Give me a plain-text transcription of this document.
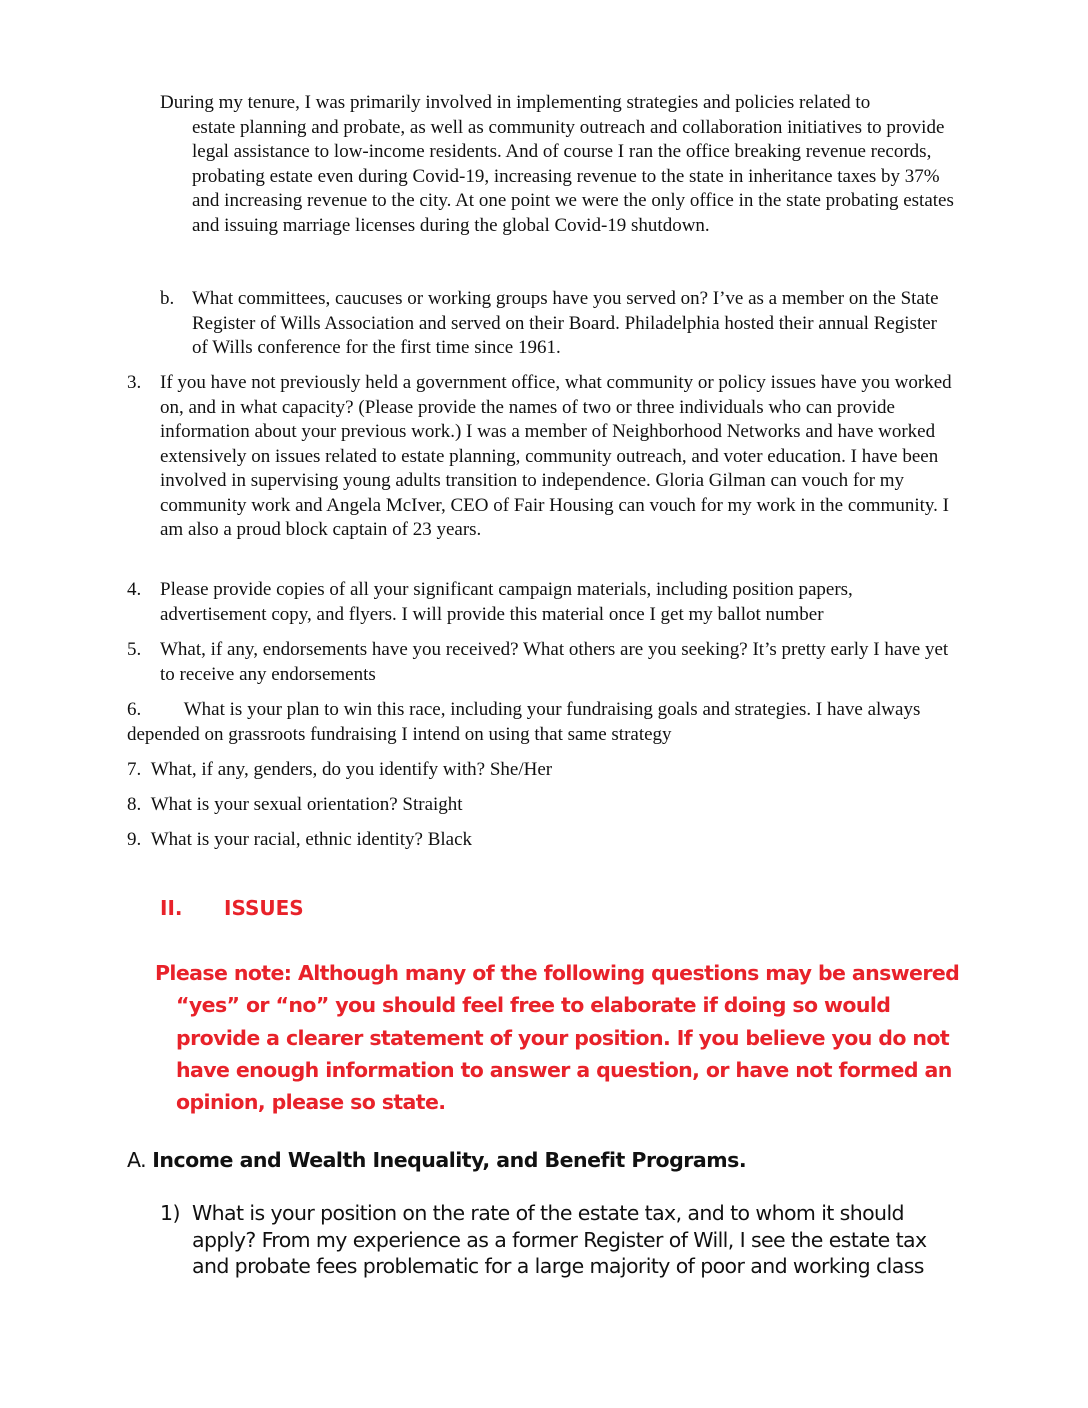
During my tenure, I was primarily involved in implementing strategies and policies related to
estate planning and probate, as well as community outreach and collaboration initiatives to provide legal assistance to low-income residents. And of course I ran the office breaking revenue records, probating estate even during Covid-19, increasing revenue to the state in inheritance taxes by 37% and increasing revenue to the city. At one point we were the only office in the state probating estates and issuing marriage licenses during the global Covid-19 shutdown.
b. What committees, caucuses or working groups have you served on? I’ve as a member on the State Register of Wills Association and served on their Board. Philadelphia hosted their annual Register of Wills conference for the first time since 1961.
3. If you have not previously held a government office, what community or policy issues have you worked on, and in what capacity? (Please provide the names of two or three individuals who can provide information about your previous work.) I was a member of Neighborhood Networks and have worked extensively on issues related to estate planning, community outreach, and voter education. I have been involved in supervising young adults transition to independence. Gloria Gilman can vouch for my community work and Angela McIver, CEO of Fair Housing can vouch for my work in the community. I am also a proud block captain of 23 years.
4. Please provide copies of all your significant campaign materials, including position papers, advertisement copy, and flyers. I will provide this material once I get my ballot number
5. What, if any, endorsements have you received? What others are you seeking? It’s pretty early I have yet to receive any endorsements
6. What is your plan to win this race, including your fundraising goals and strategies. I have always depended on grassroots fundraising I intend on using that same strategy
7. What, if any, genders, do you identify with? She/Her
8. What is your sexual orientation? Straight
9. What is your racial, ethnic identity? Black
II.	ISSUES
Please note: Although many of the following questions may be answered
“yes” or “no” you should feel free to elaborate if doing so would provide a clearer statement of your position. If you believe you do not have enough information to answer a question, or have not formed an opinion, please so state.
A. Income and Wealth Inequality, and Benefit Programs.
1) What is your position on the rate of the estate tax, and to whom it should apply? From my experience as a former Register of Will, I see the estate tax and probate fees problematic for a large majority of poor and working class
